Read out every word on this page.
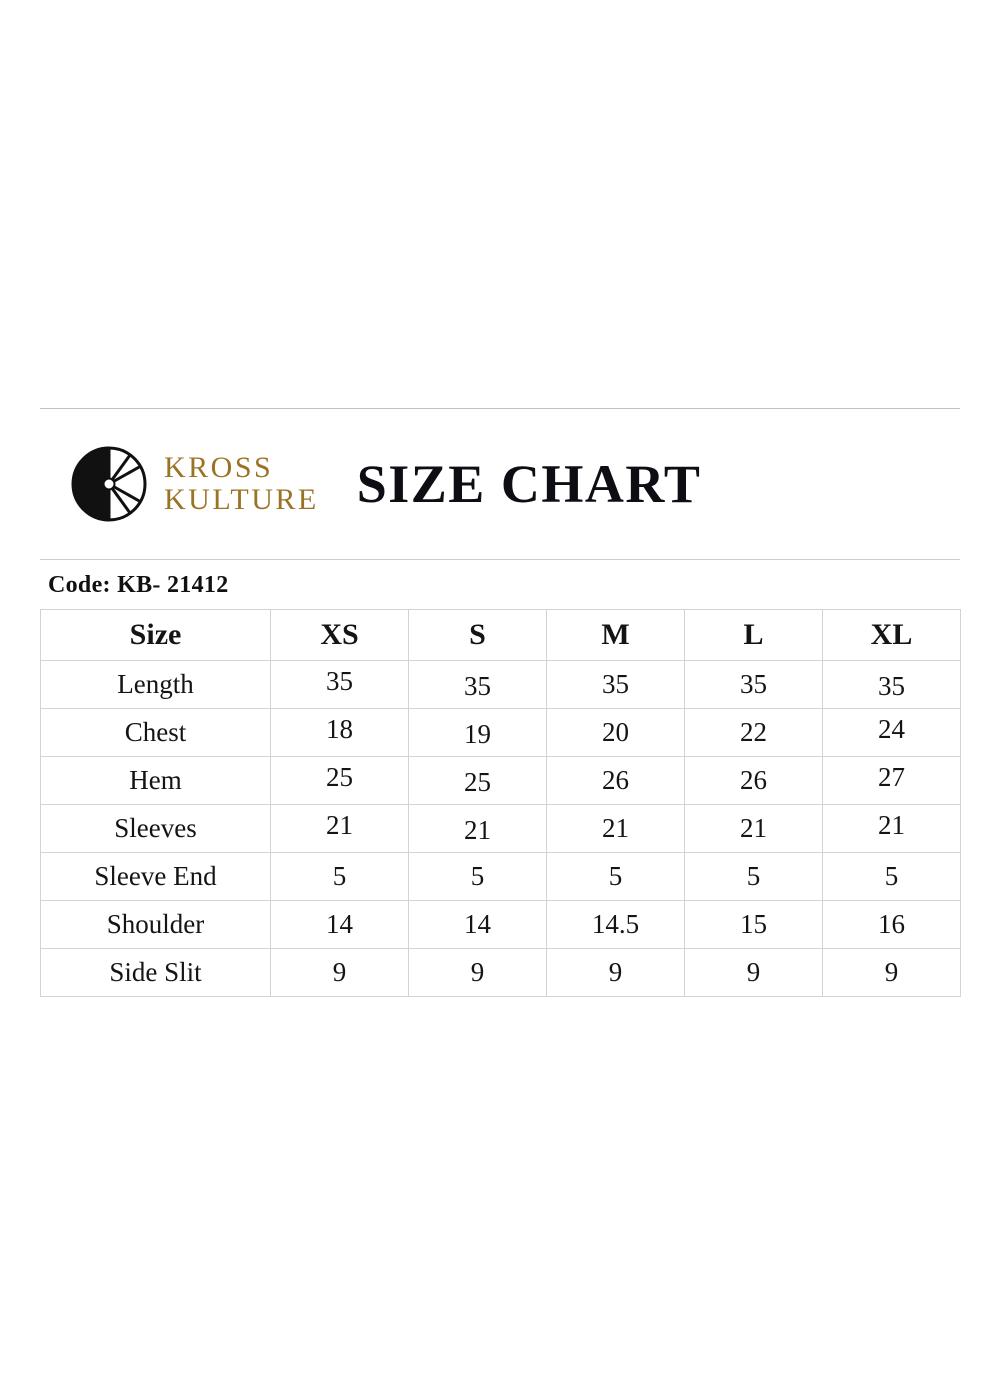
KROSS
KULTURE SIZE CHART
Code: KB- 21412
Size	XS	S	M	L	XL
Length	35	35	35	35	35
Chest	18	19	20	22	24
Hem	25	25	26	26	27
Sleeves	21	21	21	21	21
Sleeve End	5	5	5	5	5
Shoulder	14	14	14.5	15	16
Side Slit	9	9	9	9	9
